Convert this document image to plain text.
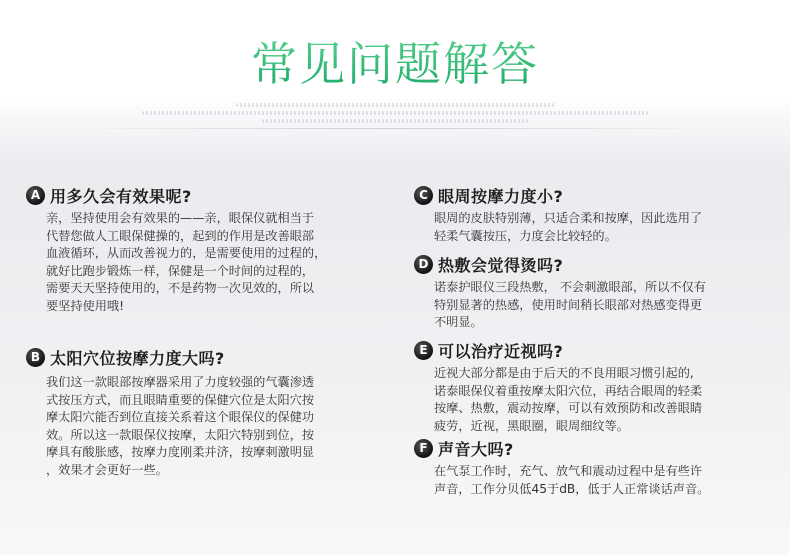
常见问题解答
A 用多久会有效果呢?
亲，坚持使用会有效果的——亲，眼保仪就相当于
代替您做人工眼保健操的，起到的作用是改善眼部
血液循环，从而改善视力的，是需要使用的过程的，
就好比跑步锻炼一样，保健是一个时间的过程的，
需要天天坚持使用的，不是药物一次见效的，所以
要坚持使用哦!
B 太阳穴位按摩力度大吗?
我们这一款眼部按摩器采用了力度较强的气囊渗透
式按压方式，而且眼睛重要的保健穴位是太阳穴按
摩太阳穴能否到位直接关系着这个眼保仪的保健功
效。所以这一款眼保仪按摩，太阳穴特别到位，按
摩具有酸胀感，按摩力度刚柔并济，按摩刺激明显
，效果才会更好一些。
C 眼周按摩力度小?
眼周的皮肤特别薄，只适合柔和按摩，因此选用了
轻柔气囊按压，力度会比较轻的。
D 热敷会觉得烫吗?
诺泰护眼仪三段热敷， 不会刺激眼部，所以不仅有
特别显著的热感，使用时间稍长眼部对热感变得更
不明显。
E 可以治疗近视吗?
近视大部分都是由于后天的不良用眼习惯引起的,
诺泰眼保仪着重按摩太阳穴位，再结合眼周的轻柔
按摩、热敷，震动按摩，可以有效预防和改善眼睛
疲劳，近视，黑眼圈，眼周细纹等。
F 声音大吗?
在气泵工作时，充气、放气和震动过程中是有些许
声音，工作分贝低45于dB，低于人正常谈话声音。
